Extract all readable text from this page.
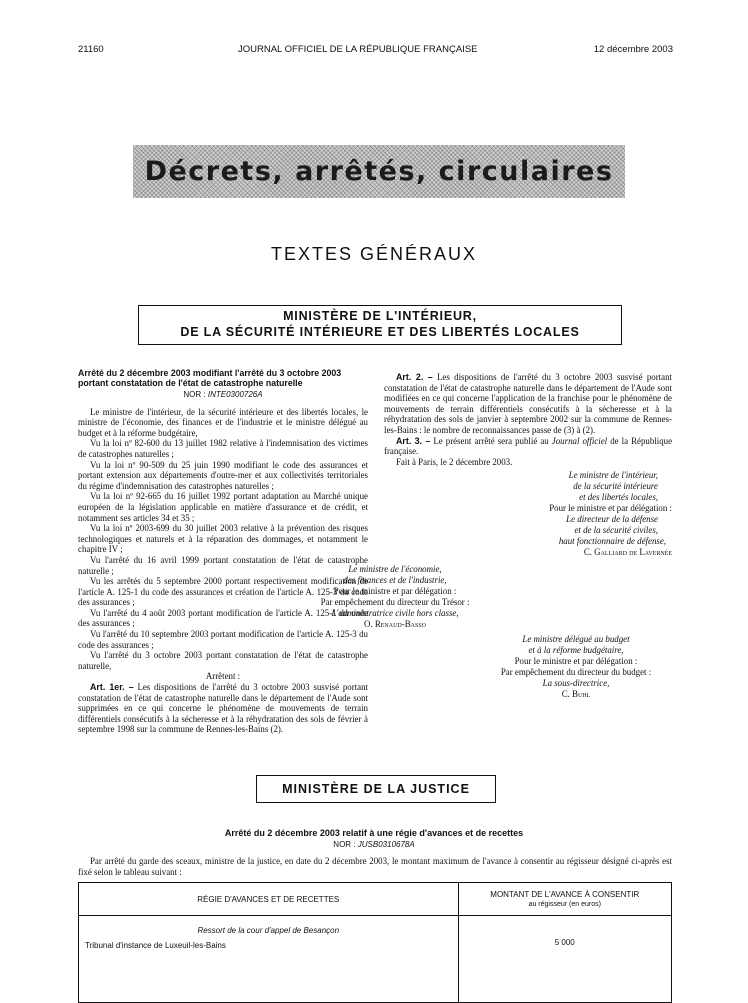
21160	JOURNAL OFFICIEL DE LA RÉPUBLIQUE FRANÇAISE	12 décembre 2003
Décrets, arrêtés, circulaires
TEXTES GÉNÉRAUX
MINISTÈRE DE L'INTÉRIEUR,
DE LA SÉCURITÉ INTÉRIEURE ET DES LIBERTÉS LOCALES
Arrêté du 2 décembre 2003 modifiant l'arrêté du 3 octobre 2003 portant constatation de l'état de catastrophe naturelle
NOR : INTE0300726A

Le ministre de l'intérieur, de la sécurité intérieure et des libertés locales, le ministre de l'économie, des finances et de l'industrie et le ministre délégué au budget et à la réforme budgétaire,

Vu la loi nº 82-600 du 13 juillet 1982 relative à l'indemnisation des victimes de catastrophes naturelles ;

Vu la loi nº 90-509 du 25 juin 1990 modifiant le code des assurances et portant extension aux départements d'outre-mer et aux collectivités territoriales du régime d'indemnisation des catastrophes naturelles ;

Vu la loi nº 92-665 du 16 juillet 1992 portant adaptation au Marché unique européen de la législation applicable en matière d'assurance et de crédit, et notamment ses articles 34 et 35 ;

Vu la loi nº 2003-699 du 30 juillet 2003 relative à la prévention des risques technologiques et naturels et à la réparation des dommages, et notamment le chapitre IV ;

Vu l'arrêté du 16 avril 1999 portant constatation de l'état de catastrophe naturelle ;

Vu les arrêtés du 5 septembre 2000 portant respectivement modification de l'article A. 125-1 du code des assurances et création de l'article A. 125-3 du code des assurances ;

Vu l'arrêté du 4 août 2003 portant modification de l'article A. 125-1 du code des assurances ;

Vu l'arrêté du 10 septembre 2003 portant modification de l'article A. 125-3 du code des assurances ;

Vu l'arrêté du 3 octobre 2003 portant constatation de l'état de catastrophe naturelle,

Arrêtent :

Art. 1er. – Les dispositions de l'arrêté du 3 octobre 2003 susvisé portant constatation de l'état de catastrophe naturelle dans le département de l'Aude sont supprimées en ce qui concerne le phénomène de mouvements de terrain différentiels consécutifs à la sécheresse et à la réhydratation des sols de février à septembre 1998 sur la commune de Rennes-les-Bains (2).

Art. 2. – Les dispositions de l'arrêté du 3 octobre 2003 susvisé portant constatation de l'état de catastrophe naturelle dans le département de l'Aude sont modifiées en ce qui concerne l'application de la franchise pour le phénomène de mouvements de terrain différentiels consécutifs à la sécheresse et à la réhydratation des sols de janvier à septembre 2002 sur la commune de Rennes-les-Bains : le nombre de reconnaissances passe de (3) à (2).

Art. 3. – Le présent arrêté sera publié au Journal officiel de la République française.

Fait à Paris, le 2 décembre 2003.

Le ministre de l'intérieur,

de la sécurité intérieure

et des libertés locales,

Pour le ministre et par délégation :

Le directeur de la défense

et de la sécurité civiles,

haut fonctionnaire de défense,

C. Galliard de Lavernée

Le ministre de l'économie,

des finances et de l'industrie,

Pour le ministre et par délégation :

Par empêchement du directeur du Trésor :

L'administratrice civile hors classe,

O. Renaud-Basso

Le ministre délégué au budget

et à la réforme budgétaire,

Pour le ministre et par délégation :

Par empêchement du directeur du budget :

La sous-directrice,

C. Buhl

MINISTÈRE DE LA JUSTICE
Arrêté du 2 décembre 2003 relatif à une régie d'avances et de recettes
NOR : JUSB0310678A
Par arrêté du garde des sceaux, ministre de la justice, en date du 2 décembre 2003, le montant maximum de l'avance à consentir au régisseur désigné ci-après est fixé selon le tableau suivant :
RÉGIE D'AVANCES ET DE RECETTES	MONTANT DE L'AVANCE À CONSENTIR
au régisseur (en euros)

Ressort de la cour d'appel de Besançon
Tribunal d'instance de Luxeuil-les-Bains	5 000
